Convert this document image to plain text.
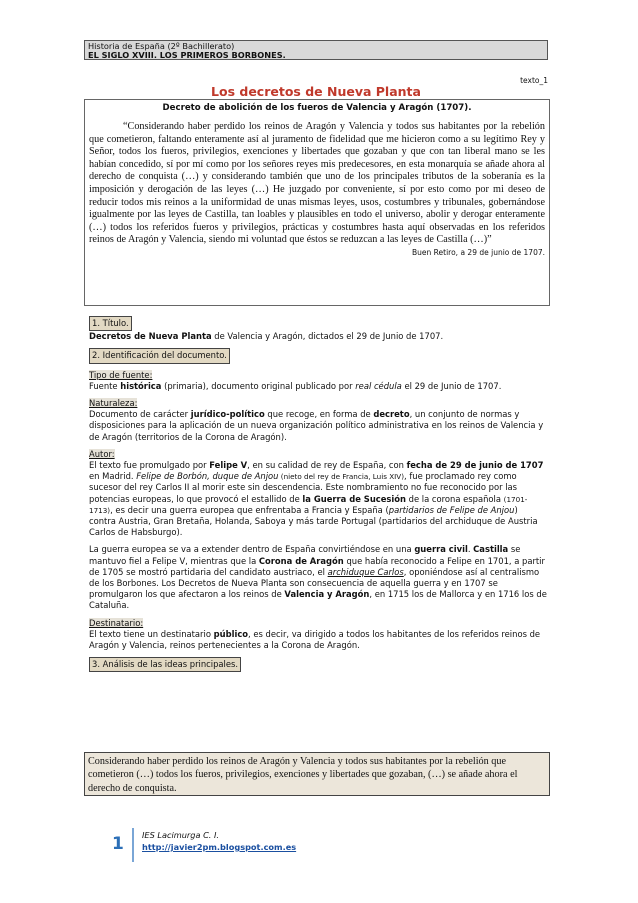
Historia de España (2º Bachillerato)
EL SIGLO XVIII. LOS PRIMEROS BORBONES.
texto_1
Los decretos de Nueva Planta
Decreto de abolición de los fueros de Valencia y Aragón (1707).

“Considerando haber perdido los reinos de Aragón y Valencia y todos sus habitantes por la rebelión que cometieron, faltando enteramente así al juramento de fidelidad que me hicieron como a su legítimo Rey y Señor, todos los fueros, privilegios, exenciones y libertades que gozaban y que con tan liberal mano se les habían concedido, sí por mí como por los señores reyes mis predecesores, en esta monarquía se añade ahora al derecho de conquista (…) y considerando también que uno de los principales tributos de la soberanía es la imposición y derogación de las leyes (…) He juzgado por conveniente, sí por esto como por mi deseo de reducir todos mis reinos a la uniformidad de unas mismas leyes, usos, costumbres y tribunales, gobernándose igualmente por las leyes de Castilla, tan loables y plausibles en todo el universo, abolir y derogar enteramente (…) todos los referidos fueros y privilegios, prácticas y costumbres hasta aquí observadas en los referidos reinos de Aragón y Valencia, siendo mi voluntad que éstos se reduzcan a las leyes de Castilla (…)”

Buen Retiro, a 29 de junio de 1707.
1. Título.

Decretos de Nueva Planta de Valencia y Aragón, dictados el 29 de Junio de 1707.

2. Identificación del documento.
Tipo de fuente:

Fuente histórica (primaria), documento original publicado por real cédula el 29 de Junio de 1707.

Naturaleza:

Documento de carácter jurídico-político que recoge, en forma de decreto, un conjunto de normas y disposiciones para la aplicación de un nueva organización político administrativa en los reinos de Valencia y de Aragón (territorios de la Corona de Aragón).

Autor:

El texto fue promulgado por Felipe V, en su calidad de rey de España, con fecha de 29 de junio de 1707 en Madrid. Felipe de Borbón, duque de Anjou (nieto del rey de Francia, Luis XIV), fue proclamado rey como sucesor del rey Carlos II al morir este sin descendencia. Este nombramiento no fue reconocido por las potencias europeas, lo que provocó el estallido de la Guerra de Sucesión de la corona española (1701-1713), es decir una guerra europea que enfrentaba a Francia y España (partidarios de Felipe de Anjou) contra Austria, Gran Bretaña, Holanda, Saboya y más tarde Portugal (partidarios del archiduque de Austria Carlos de Habsburgo).

La guerra europea se va a extender dentro de España convirtiéndose en una guerra civil. Castilla se mantuvo fiel a Felipe V, mientras que la Corona de Aragón que había reconocido a Felipe en 1701, a partir de 1705 se mostró partidaria del candidato austriaco, el archiduque Carlos, oponiéndose así al centralismo de los Borbones. Los Decretos de Nueva Planta son consecuencia de aquella guerra y en 1707 se promulgaron los que afectaron a los reinos de Valencia y Aragón, en 1715 los de Mallorca y en 1716 los de Cataluña.

Destinatario:

El texto tiene un destinatario público, es decir, va dirigido a todos los habitantes de los referidos reinos de Aragón y Valencia, reinos pertenecientes a la Corona de Aragón.

3. Análisis de las ideas principales.
Considerando haber perdido los reinos de Aragón y Valencia y todos sus habitantes por la rebelión que cometieron (…) todos los fueros, privilegios, exenciones y libertades que gozaban, (…) se añade ahora el derecho de conquista.
1 IES Lacimurga C. I.
http://javier2pm.blogspot.com.es
